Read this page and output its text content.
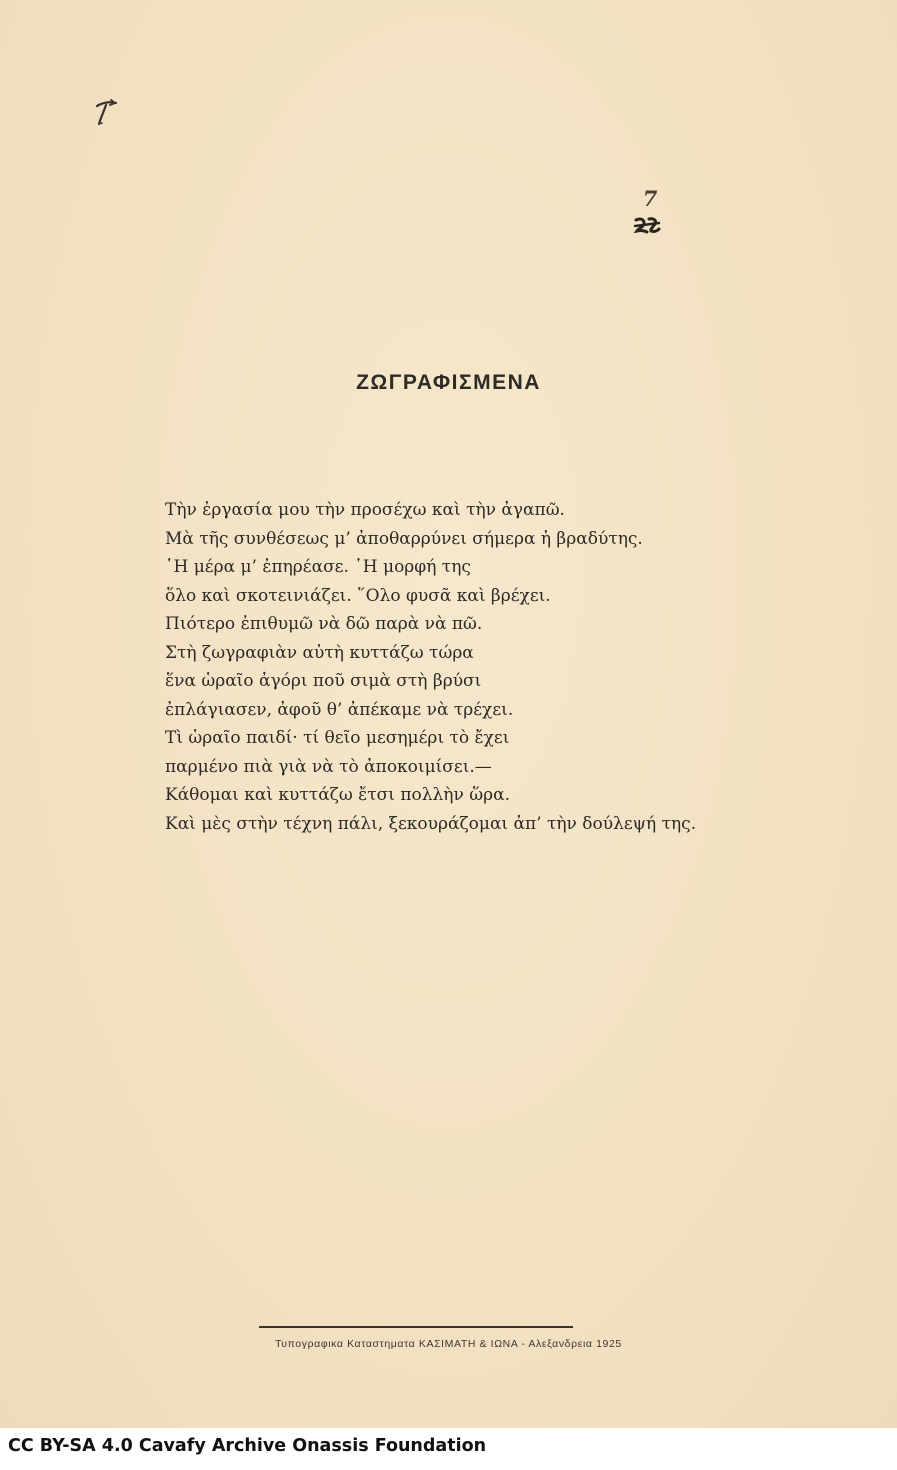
7
ΖΩΓΡΑΦΙΣΜΕΝΑ
Τὴν ἐργασία μου τὴν προσέχω καὶ τὴν ἀγαπῶ.
Μὰ τῆς συνθέσεως μ’ ἀποθαρρύνει σήμερα ἡ βραδύτης.
῾Η μέρα μ’ ἐπηρέασε. ῾Η μορφή της
ὅλο καὶ σκοτεινιάζει. ῞Ολο φυσᾶ καὶ βρέχει.
Πιότερο ἐπιθυμῶ νὰ δῶ παρὰ νὰ πῶ.
Στὴ ζωγραφιὰν αὐτὴ κυττάζω τώρα
ἕνα ὡραῖο ἀγόρι ποῦ σιμὰ στὴ βρύσι
ἐπλάγιασεν, ἀφοῦ θ’ ἀπέκαμε νὰ τρέχει.
Τὶ ὡραῖο παιδί· τί θεῖο μεσημέρι τὸ ἔχει
παρμένο πιὰ γιὰ νὰ τὸ ἀποκοιμίσει.—
Κάθομαι καὶ κυττάζω ἔτσι πολλὴν ὥρα.
Καὶ μὲς στὴν τέχνη πάλι, ξεκουράζομαι ἀπ’ τὴν δούλεψή της.
Τυπογραφικα Καταστηματα ΚΑΣΙΜΑΤΗ & ΙΩΝΑ - Αλεξανδρεια 1925
CC BY-SA 4.0 Cavafy Archive Onassis Foundation
